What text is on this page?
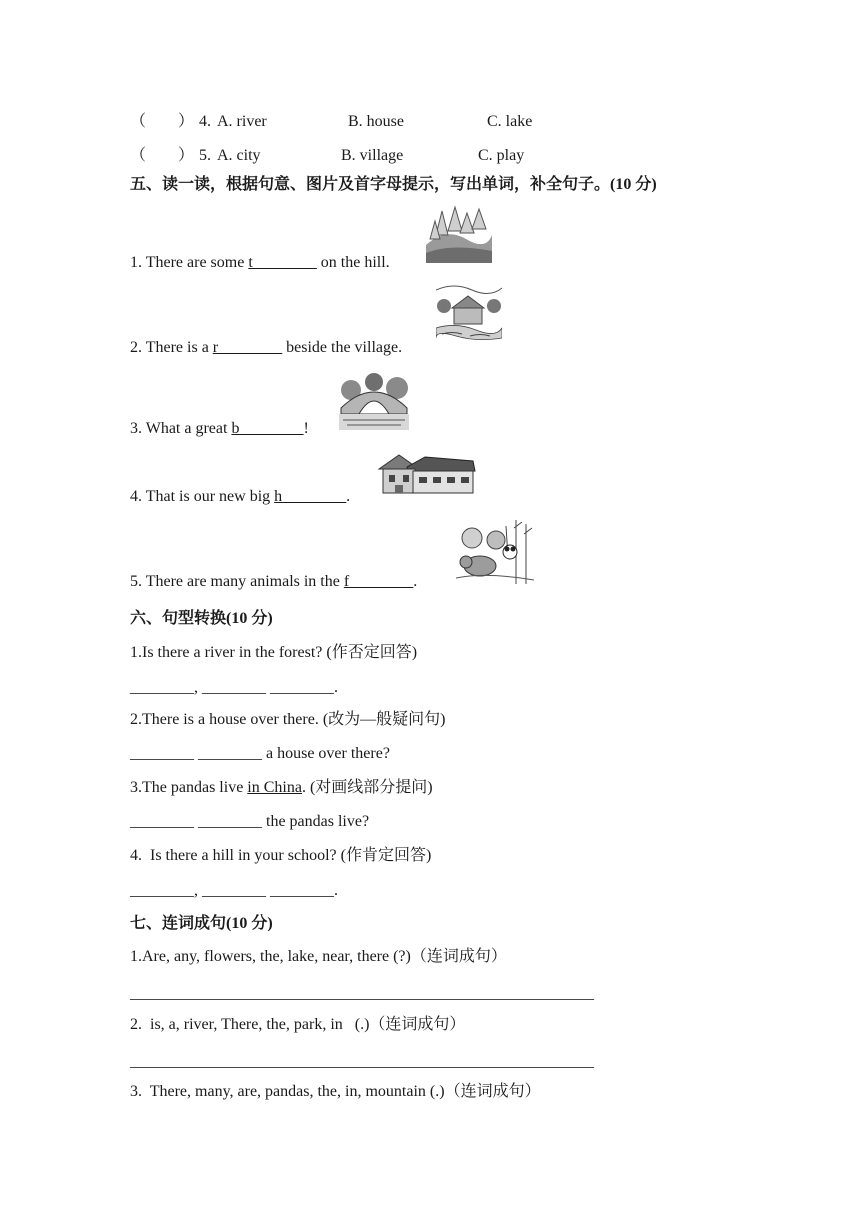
（        ） 4. A. river	B. house	C. lake
（        ） 5. A. city	B. village	C. play
五、读一读，根据句意、图片及首字母提示，写出单词，补全句子。(10 分)
1. There are some t________ on the hill.
2. There is a r________ beside the village.
3. What a great b________!
4. That is our new big h________.
5. There are many animals in the f________.
六、句型转换(10 分)
1.Is there a river in the forest? (作否定回答)
________, ________ ________.
2.There is a house over there. (改为—般疑问句)
________ ________ a house over there?
3.The pandas live in China. (对画线部分提问)
________ ________ the pandas live?
4.  Is there a hill in your school? (作肯定回答)
________, ________ ________.
七、连词成句(10 分)
1.Are, any, flowers, the, lake, near, there (?)（连词成句）
__________________________________________________________
2.  is, a, river, There, the, park, in   (.)（连词成句）
__________________________________________________________
3.  There, many, are, pandas, the, in, mountain (.)（连词成句）
